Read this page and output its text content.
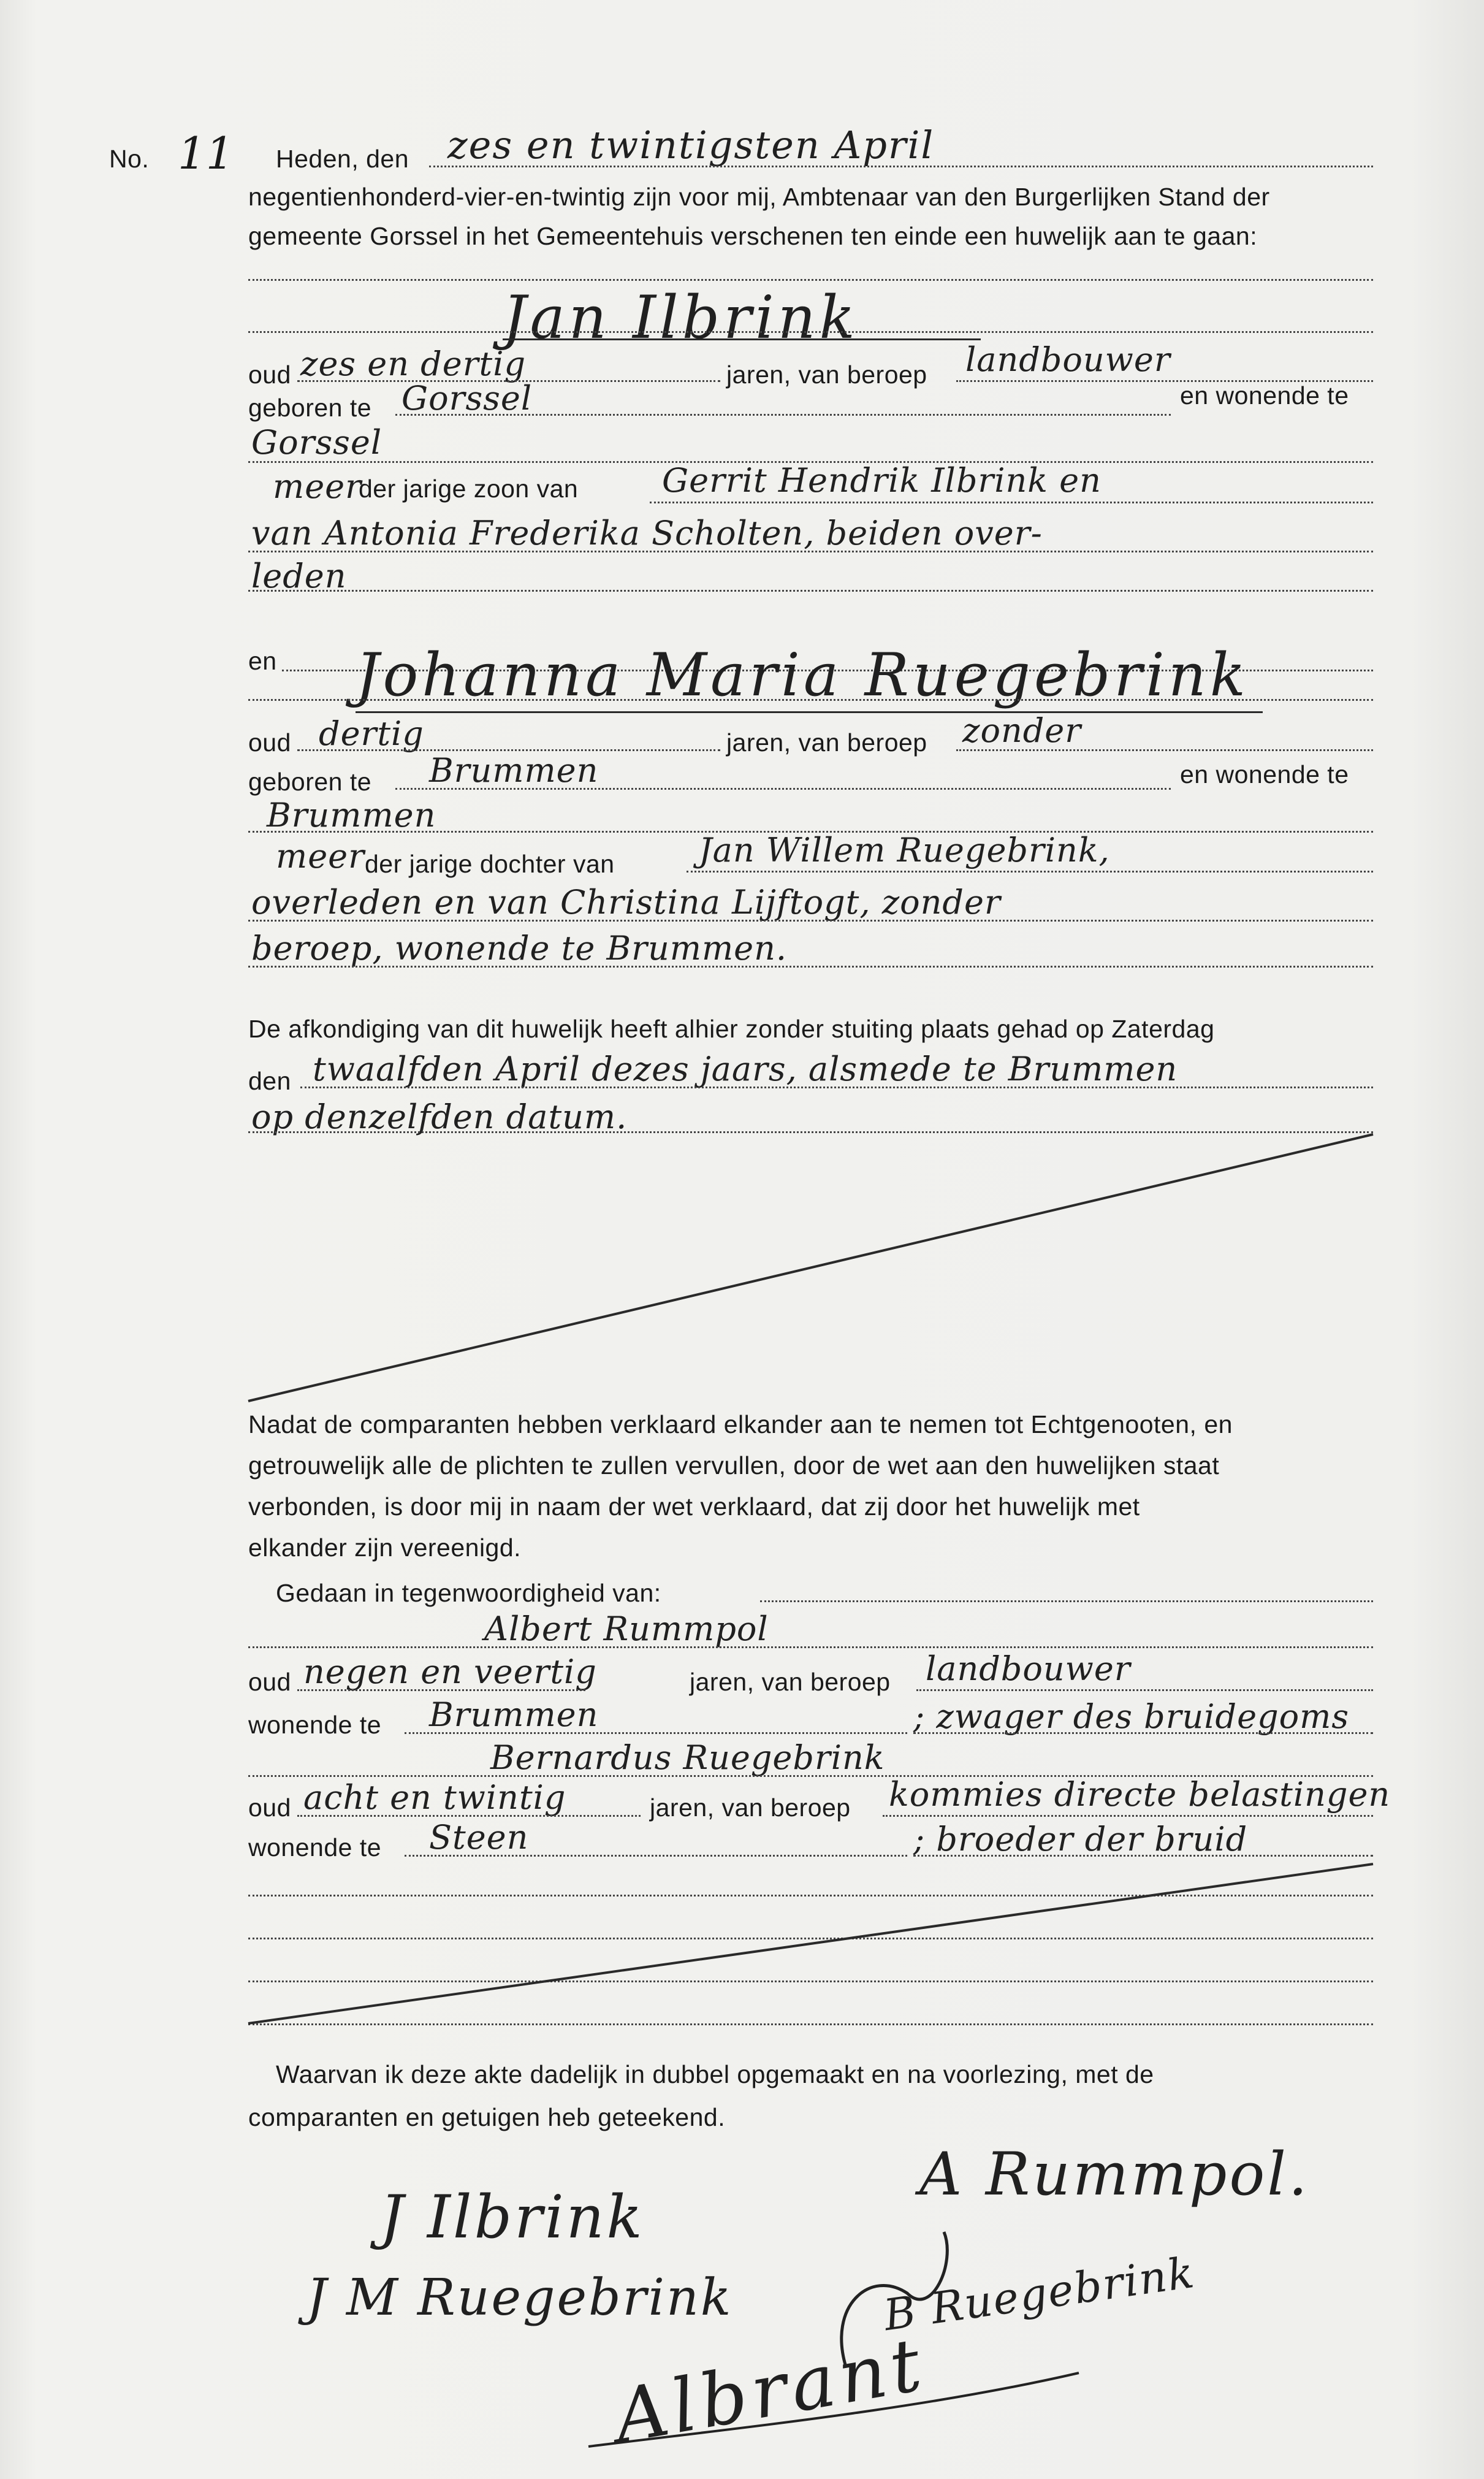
No. 11 Heden, den zes en twintigsten April
negentienhonderd-vier-en-twintig zijn voor mij, Ambtenaar van den Burgerlijken Stand der
gemeente Gorssel in het Gemeentehuis verschenen ten einde een huwelijk aan te gaan:
Jan Ilbrink
oud zes en dertig	jaren, van beroep landbouwer
geboren te Gorssel	en wonende te
Gorssel
meer
der jarige zoon van	Gerrit Hendrik Ilbrink en
van Antonia Frederika Scholten, beiden over-
leden
en Johanna Maria Ruegebrink
oud dertig	jaren, van beroep zonder
geboren te Brummen	en wonende te
Brummen
meer der jarige dochter van	Jan Willem Ruegebrink,
overleden en van Christina Lijftogt, zonder
beroep, wonende te Brummen.
De afkondiging van dit huwelijk heeft alhier zonder stuiting plaats gehad op Zaterdag
den twaalfden April dezes jaars, alsmede te Brummen
op denzelfden datum.
Nadat de comparanten hebben verklaard elkander aan te nemen tot Echtgenooten, en
getrouwelijk alle de plichten te zullen vervullen, door de wet aan den huwelijken staat
verbonden, is door mij in naam der wet verklaard, dat zij door het huwelijk met
elkander zijn vereenigd.
Gedaan in tegenwoordigheid van:
Albert Rummpol
oud negen en veertig	jaren, van beroep landbouwer
wonende te Brummen	; zwager des bruidegoms
Bernardus Ruegebrink
oud acht en twintig	jaren, van beroep kommies directe belastingen
wonende te Steen	; broeder der bruid
Waarvan ik deze akte dadelijk in dubbel opgemaakt en na voorlezing, met de
comparanten en getuigen heb geteekend.
J Ilbrink
J M Ruegebrink
A Rummpol.
B Ruegebrink
Albrant
